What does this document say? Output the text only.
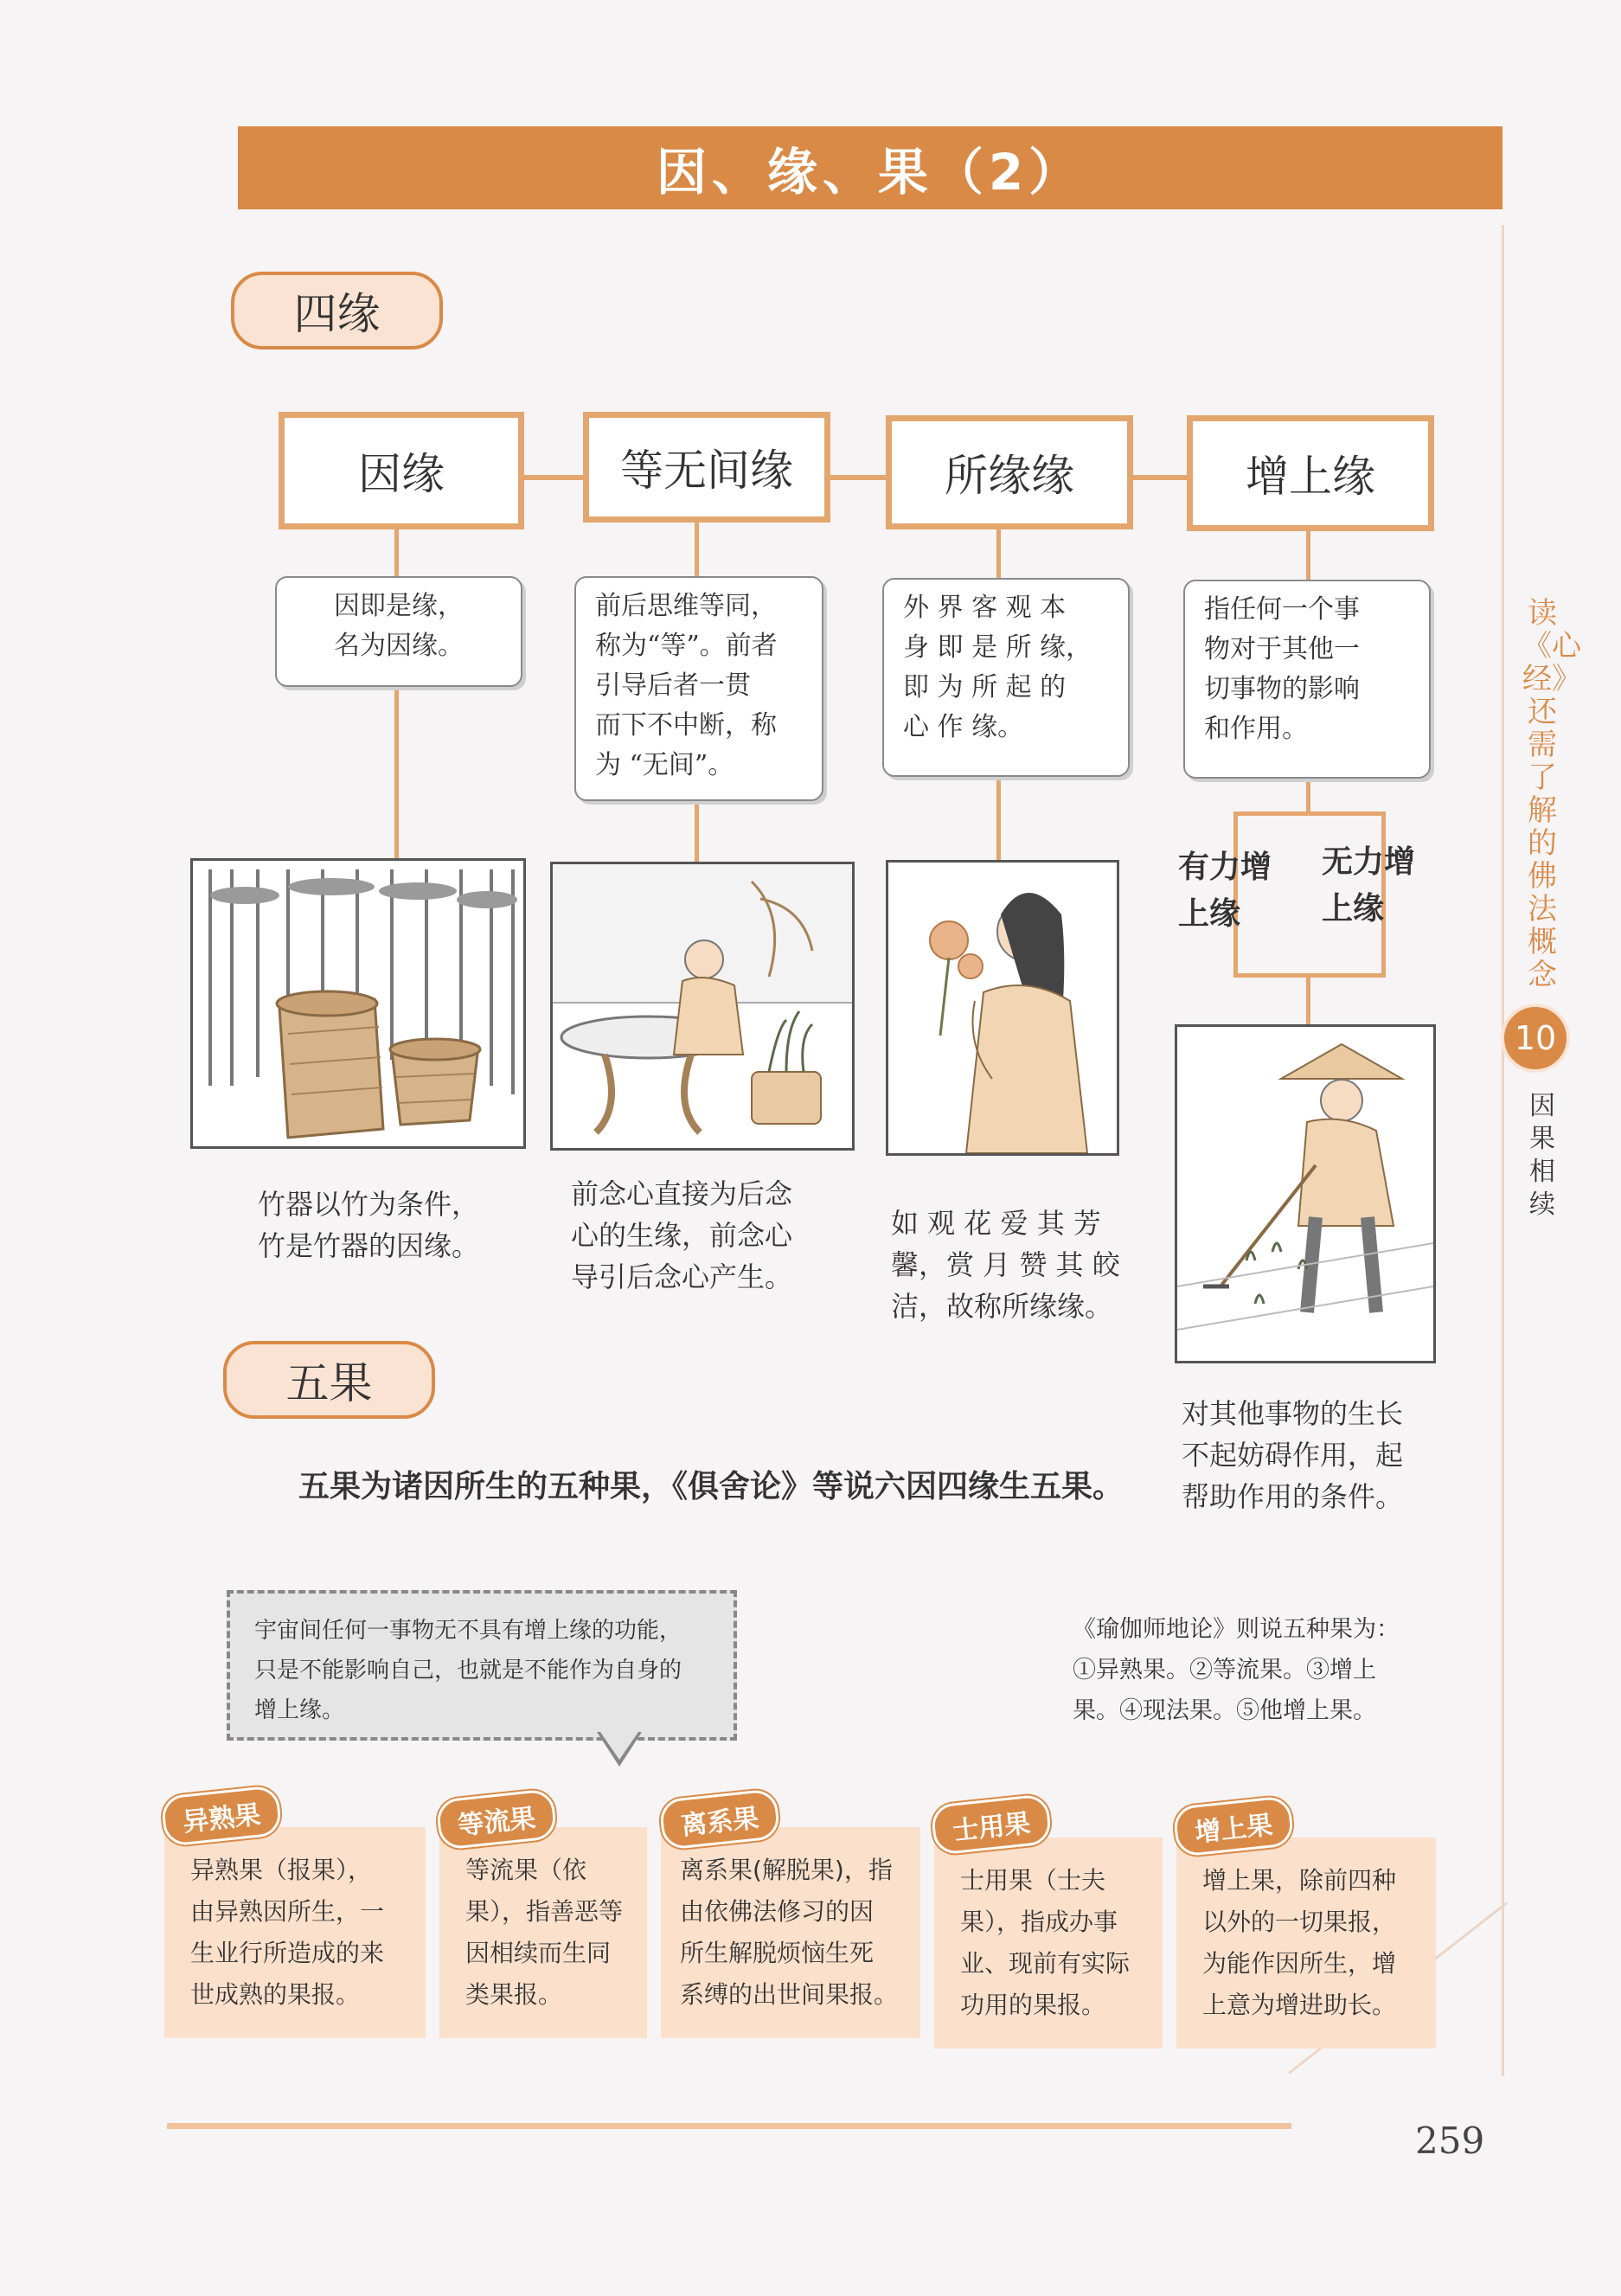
因、缘、果（2）
四缘
因缘	等无间缘	所缘缘	增上缘
因即是缘，
名为因缘。
前后思维等同，
称为“等”。前者
引导后者一贯
而下不中断，称
为 “无间”。
外 界 客 观 本
身 即 是 所 缘，
即 为 所 起 的
心 作 缘。
指任何一个事
物对于其他一
切事物的影响
和作用。
有力增
上缘
无力增
上缘
竹器以竹为条件，
竹是竹器的因缘。
前念心直接为后念
心的生缘，前念心
导引后念心产生。
如 观 花 爱 其 芳
馨，赏 月 赞 其 皎
洁，故称所缘缘。
对其他事物的生长
不起妨碍作用，起
帮助作用的条件。
读《心经》还需了解的佛法概念
10
因果相续
五果
五果为诸因所生的五种果，《俱舍论》等说六因四缘生五果。
宇宙间任何一事物无不具有增上缘的功能，
只是不能影响自己，也就是不能作为自身的
增上缘。
《瑜伽师地论》则说五种果为：
①异熟果。②等流果。③增上
果。④现法果。⑤他增上果。
异熟果（报果），
由异熟因所生，一
生业行所造成的来
世成熟的果报。
等流果（依
果），指善恶等
因相续而生同
类果报。
离系果(解脱果)，指
由依佛法修习的因
所生解脱烦恼生死
系缚的出世间果报。
士用果（士夫
果），指成办事
业、现前有实际
功用的果报。
增上果，除前四种
以外的一切果报，
为能作因所生，增
上意为增进助长。
异熟果	等流果	离系果	士用果	增上果
259
